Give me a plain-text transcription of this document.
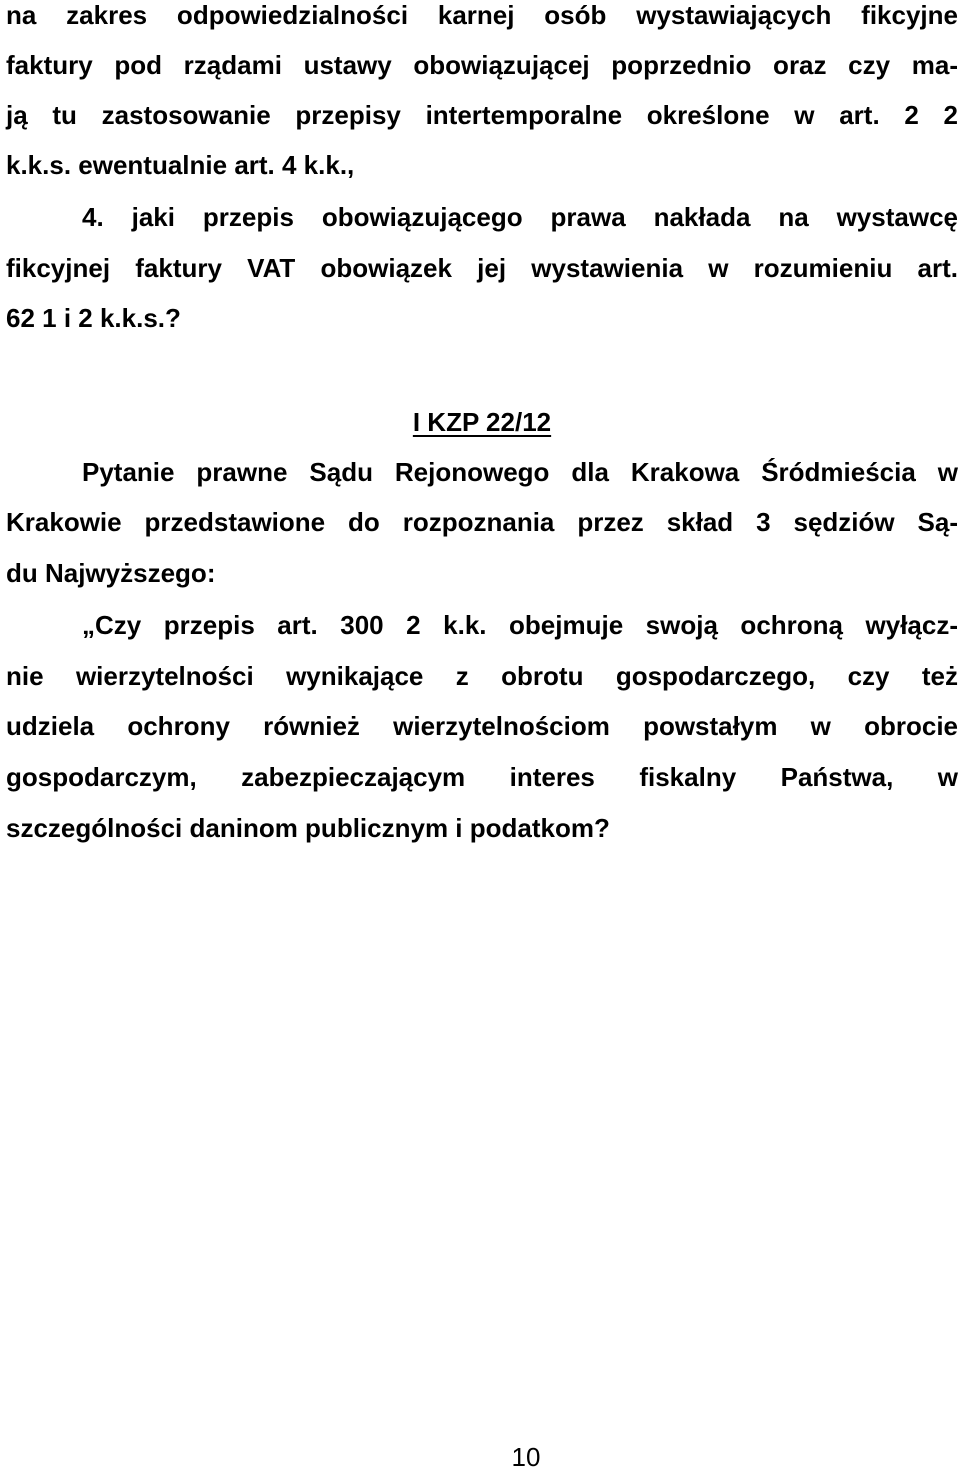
na zakres odpowiedzialności karnej osób wystawiających fikcyjne
faktury pod rządami ustawy obowiązującej poprzednio oraz czy ma-
ją tu zastosowanie przepisy intertemporalne określone w art. 2 2
k.k.s. ewentualnie art. 4 k.k.,
4. jaki przepis obowiązującego prawa nakłada na wystawcę
fikcyjnej faktury VAT obowiązek jej wystawienia w rozumieniu art.
62 1 i 2 k.k.s.?
I KZP 22/12
Pytanie prawne Sądu Rejonowego dla Krakowa Śródmieścia w
Krakowie przedstawione do rozpoznania przez skład 3 sędziów Są-
du Najwyższego:
„Czy przepis art. 300 2 k.k. obejmuje swoją ochroną wyłącz-
nie wierzytelności wynikające z obrotu gospodarczego, czy też
udziela ochrony również wierzytelnościom powstałym w obrocie
gospodarczym, zabezpieczającym interes fiskalny Państwa, w
szczególności daninom publicznym i podatkom?
10
